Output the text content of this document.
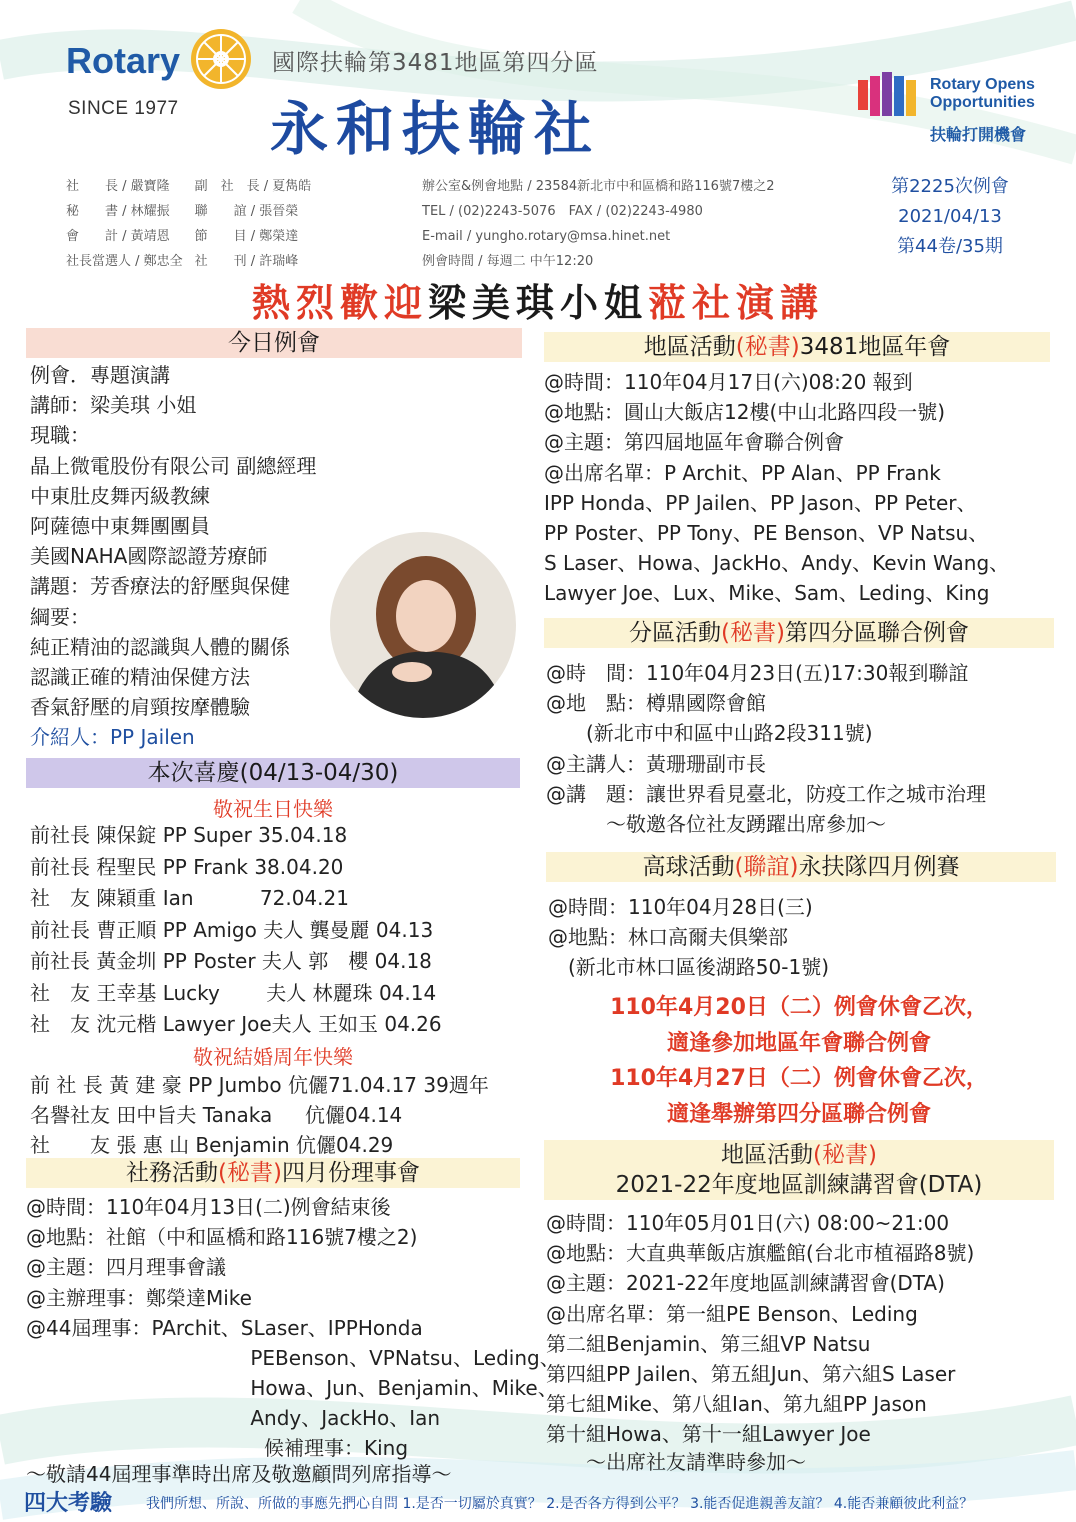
Rotary
SINCE 1977
國際扶輪第3481地區第四分區
永和扶輪社
Rotary Opens
Opportunities
扶輪打開機會
社　　長 / 嚴寶隆	副　社　長 / 夏雋皓
秘　　書 / 林耀振	聯　　誼 / 張晉榮
會　　計 / 黃靖恩	節　　目 / 鄭榮達
社長當選人 / 鄭忠全	社　　刊 / 許瑞峰
辦公室&例會地點 / 23584新北市中和區橋和路116號7樓之2
TEL / (02)2243-5076　FAX / (02)2243-4980
E-mail / yungho.rotary@msa.hinet.net
例會時間 / 每週二 中午12:20
第2225次例會
2021/04/13
第44卷/35期
熱烈歡迎梁美琪小姐蒞社演講
今日例會
例會．專題演講
講師：梁美琪 小姐
現職：
晶上微電股份有限公司 副總經理
中東肚皮舞丙級教練
阿薩德中東舞團團員
美國NAHA國際認證芳療師
講題：芳香療法的舒壓與保健
綱要：
純正精油的認識與人體的關係
認識正確的精油保健方法
香氣舒壓的肩頸按摩體驗
介紹人：PP Jailen
本次喜慶(04/13-04/30)
敬祝生日快樂
前社長 陳保錠 PP Super 35.04.18
前社長 程聖民 PP Frank 38.04.20
社　友 陳穎重 Ian　　　 72.04.21
前社長 曹正順 PP Amigo 夫人 龔曼麗 04.13
前社長 黃金圳 PP Poster 夫人 郭　櫻 04.18
社　友 王幸基 Lucky　　 夫人 林麗珠 04.14
社　友 沈元楷 Lawyer Joe夫人 王如玉 04.26
敬祝結婚周年快樂
前 社 長 黃 建 豪 PP Jumbo 伉儷71.04.17 39週年
名譽社友 田中旨夫 Tanaka 　 伉儷04.14
社　　友 張 惠 山 Benjamin 伉儷04.29
社務活動(秘書)四月份理事會
@時間：110年04月13日(二)例會結束後
@地點：社館（中和區橋和路116號7樓之2)
@主題：四月理事會議
@主辦理事：鄭榮達Mike
@44屆理事：PArchit、SLaser、IPPHonda
　　　　　 PEBenson、VPNatsu、Leding、
　　　　　 Howa、Jun、Benjamin、Mike、
　　　　　 Andy、JackHo、Ian
　　　　　　候補理事：King
～敬請44屆理事準時出席及敬邀顧問列席指導～
地區活動(秘書)3481地區年會
@時間：110年04月17日(六)08:20 報到
@地點：圓山大飯店12樓(中山北路四段一號)
@主題：第四屆地區年會聯合例會
@出席名單：P Archit、PP Alan、PP Frank
IPP Honda、PP Jailen、PP Jason、PP Peter、
PP Poster、PP Tony、PE Benson、VP Natsu、
S Laser、Howa、JackHo、Andy、Kevin Wang、
Lawyer Joe、Lux、Mike、Sam、Leding、King
分區活動(秘書)第四分區聯合例會
@時　間：110年04月23日(五)17:30報到聯誼
@地　點：樽鼎國際會館
　　(新北市中和區中山路2段311號)
@主講人：黃珊珊副市長
@講　題：讓世界看見臺北，防疫工作之城市治理
　　　～敬邀各位社友踴躍出席參加～
高球活動(聯誼)永扶隊四月例賽
@時間：110年04月28日(三)
@地點：林口高爾夫俱樂部
　(新北市林口區後湖路50-1號)
110年4月20日（二）例會休會乙次，
適逢參加地區年會聯合例會
110年4月27日（二）例會休會乙次，
適逢舉辦第四分區聯合例會
地區活動(秘書)
2021-22年度地區訓練講習會(DTA)
@時間：110年05月01日(六) 08:00~21:00
@地點：大直典華飯店旗艦館(台北市植福路8號)
@主題：2021-22年度地區訓練講習會(DTA)
@出席名單：第一組PE Benson、Leding
第二組Benjamin、第三組VP Natsu
第四組PP Jailen、第五組Jun、第六組S Laser
第七組Mike、第八組Ian、第九組PP Jason
第十組Howa、第十一組Lawyer Joe
　　～出席社友請準時參加～
四大考驗 我們所想、所說、所做的事應先捫心自問 1.是否一切屬於真實？ 2.是否各方得到公平？ 3.能否促進親善友誼？ 4.能否兼顧彼此利益？
